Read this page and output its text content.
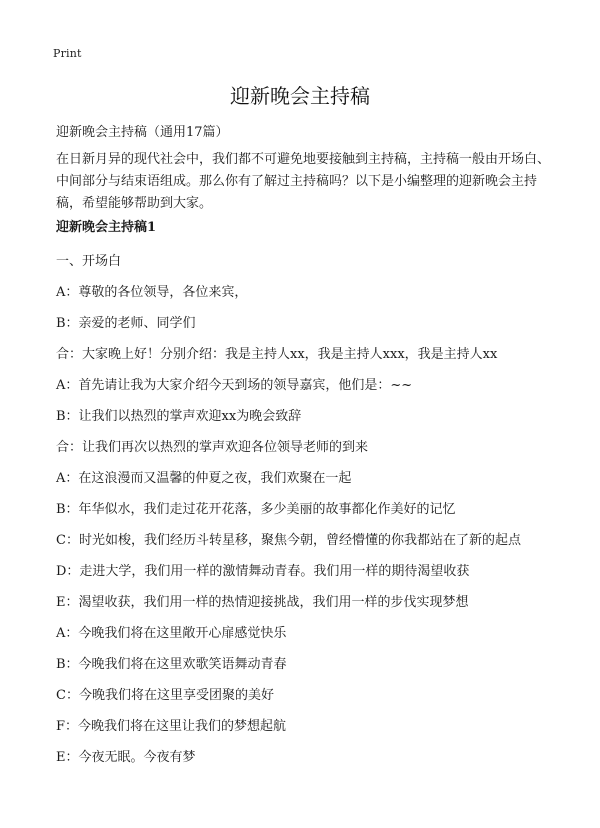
Print
迎新晚会主持稿
迎新晚会主持稿（通用17篇）
在日新月异的现代社会中，我们都不可避免地要接触到主持稿，主持稿一般由开场白、中间部分与结束语组成。那么你有了解过主持稿吗？以下是小编整理的迎新晚会主持稿，希望能够帮助到大家。
迎新晚会主持稿1
一、开场白
A：尊敬的各位领导，各位来宾，
B：亲爱的老师、同学们
合：大家晚上好！分别介绍：我是主持人xx，我是主持人xxx，我是主持人xx
A：首先请让我为大家介绍今天到场的领导嘉宾，他们是：~~
B：让我们以热烈的掌声欢迎xx为晚会致辞
合：让我们再次以热烈的掌声欢迎各位领导老师的到来
A：在这浪漫而又温馨的仲夏之夜，我们欢聚在一起
B：年华似水，我们走过花开花落，多少美丽的故事都化作美好的记忆
C：时光如梭，我们经历斗转星移，聚焦今朝，曾经懵懂的你我都站在了新的起点
D：走进大学，我们用一样的激情舞动青春。我们用一样的期待渴望收获
E：渴望收获，我们用一样的热情迎接挑战，我们用一样的步伐实现梦想
A：今晚我们将在这里敞开心扉感觉快乐
B：今晚我们将在这里欢歌笑语舞动青春
C：今晚我们将在这里享受团聚的美好
F：今晚我们将在这里让我们的梦想起航
E：今夜无眠。今夜有梦
